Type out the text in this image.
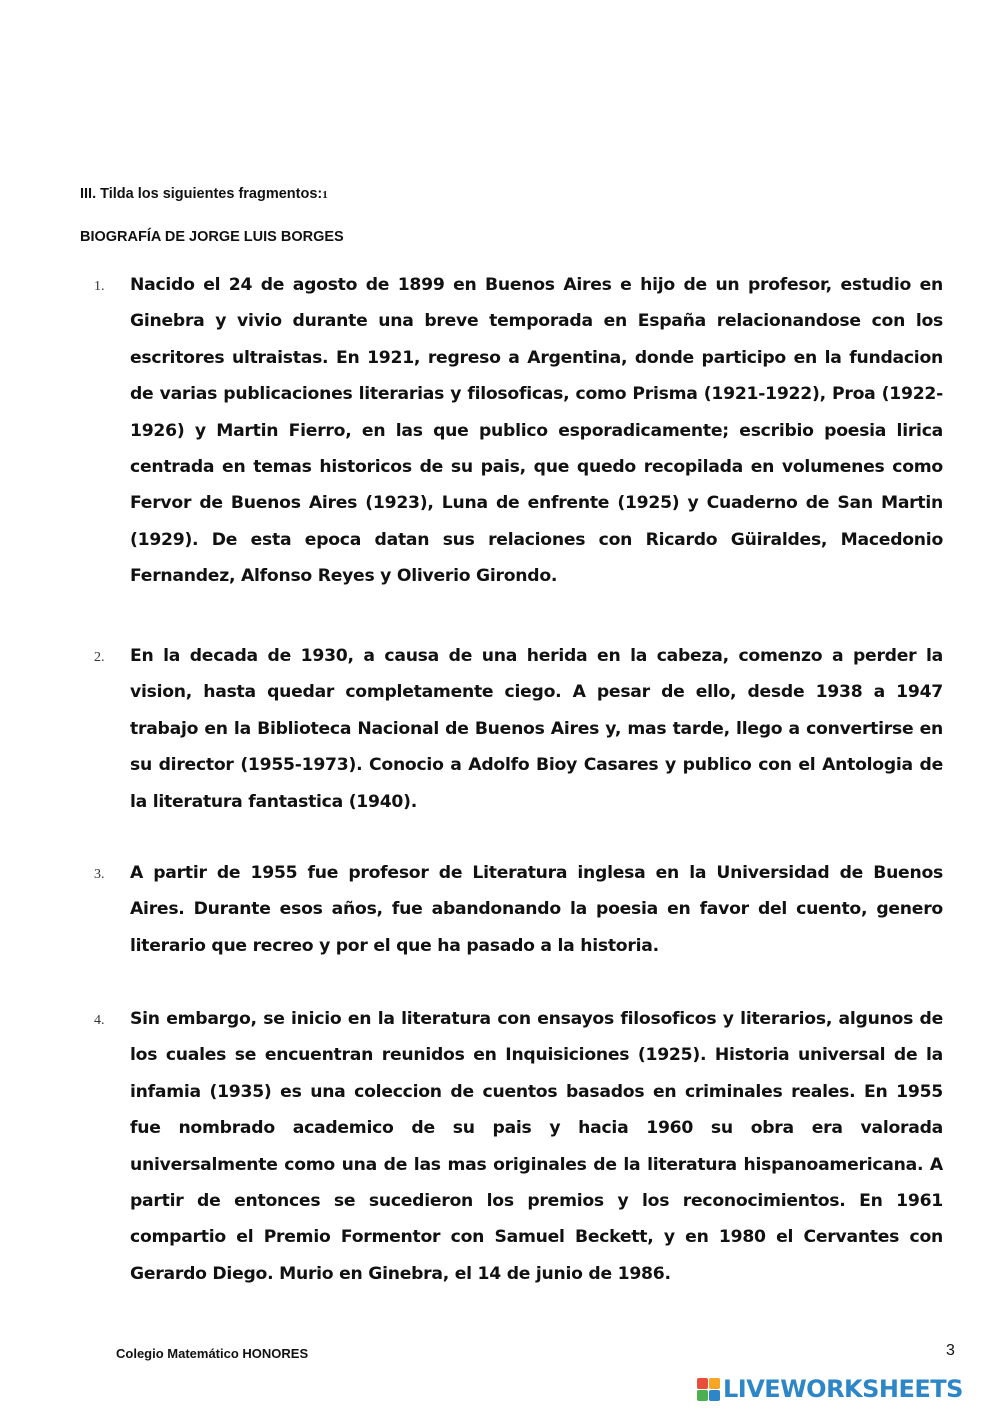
III. Tilda los siguientes fragmentos:1
BIOGRAFÍA DE JORGE LUIS BORGES
1. Nacido el 24 de agosto de 1899 en Buenos Aires e hijo de un profesor, estudio en Ginebra y vivio durante una breve temporada en España relacionandose con los escritores ultraistas. En 1921, regreso a Argentina, donde participo en la fundacion de varias publicaciones literarias y filosoficas, como Prisma (1921-1922), Proa (1922-1926) y Martin Fierro, en las que publico esporadicamente; escribio poesia lirica centrada en temas historicos de su pais, que quedo recopilada en volumenes como Fervor de Buenos Aires (1923), Luna de enfrente (1925) y Cuaderno de San Martin (1929). De esta epoca datan sus relaciones con Ricardo Güiraldes, Macedonio Fernandez, Alfonso Reyes y Oliverio Girondo.

2. En la decada de 1930, a causa de una herida en la cabeza, comenzo a perder la vision, hasta quedar completamente ciego. A pesar de ello, desde 1938 a 1947 trabajo en la Biblioteca Nacional de Buenos Aires y, mas tarde, llego a convertirse en su director (1955-1973). Conocio a Adolfo Bioy Casares y publico con el Antologia de la literatura fantastica (1940).

3. A partir de 1955 fue profesor de Literatura inglesa en la Universidad de Buenos Aires. Durante esos años, fue abandonando la poesia en favor del cuento, genero literario que recreo y por el que ha pasado a la historia.

4. Sin embargo, se inicio en la literatura con ensayos filosoficos y literarios, algunos de los cuales se encuentran reunidos en Inquisiciones (1925). Historia universal de la infamia (1935) es una coleccion de cuentos basados en criminales reales. En 1955 fue nombrado academico de su pais y hacia 1960 su obra era valorada universalmente como una de las mas originales de la literatura hispanoamericana. A partir de entonces se sucedieron los premios y los reconocimientos. En 1961 compartio el Premio Formentor con Samuel Beckett, y en 1980 el Cervantes con Gerardo Diego. Murio en Ginebra, el 14 de junio de 1986.

Colegio Matemático HONORES	3
LIVEWORKSHEETS
